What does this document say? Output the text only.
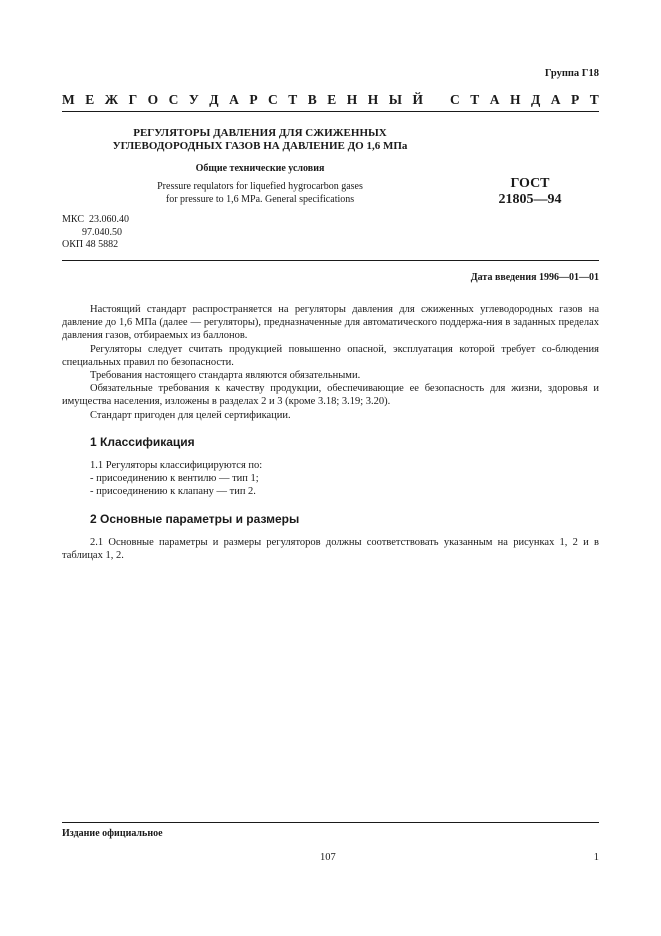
Группа Г18
М Е Ж Г О С У Д А Р С Т В Е Н Н Ы Й С Т А Н Д А Р Т
РЕГУЛЯТОРЫ ДАВЛЕНИЯ ДЛЯ СЖИЖЕННЫХ
УГЛЕВОДОРОДНЫХ ГАЗОВ НА ДАВЛЕНИЕ ДО 1,6 МПа
Общие технические условия
Pressure requlators for liquefied hygrocarbon gases
for pressure to 1,6 MPa. General specifications
ГОСТ
21805—94
МКС  23.060.40
97.040.50
ОКП 48 5882
Дата введения 1996—01—01

Настоящий стандарт распространяется на регуляторы давления для сжиженных углеводородных газов на давление до 1,6 МПа (далее — регуляторы), предназначенные для автоматического поддержа-ния в заданных пределах давления газов, отбираемых из баллонов.

Регуляторы следует считать продукцией повышенно опасной, эксплуатация которой требует со-блюдения специальных правил по безопасности.

Требования настоящего стандарта являются обязательными.

Обязательные требования к качеству продукции, обеспечивающие ее безопасность для жизни, здоровья и имущества населения, изложены в разделах 2 и 3 (кроме 3.18; 3.19; 3.20).

Стандарт пригоден для целей сертификации.

1 Классификация

1.1 Регуляторы классифицируются по:

- присоединению к вентилю — тип 1;

- присоединению к клапану — тип 2.

2 Основные параметры и размеры

2.1 Основные параметры и размеры регуляторов должны соответствовать указанным на рисунках 1, 2 и в таблицах 1, 2.

Издание официальное
107	1
